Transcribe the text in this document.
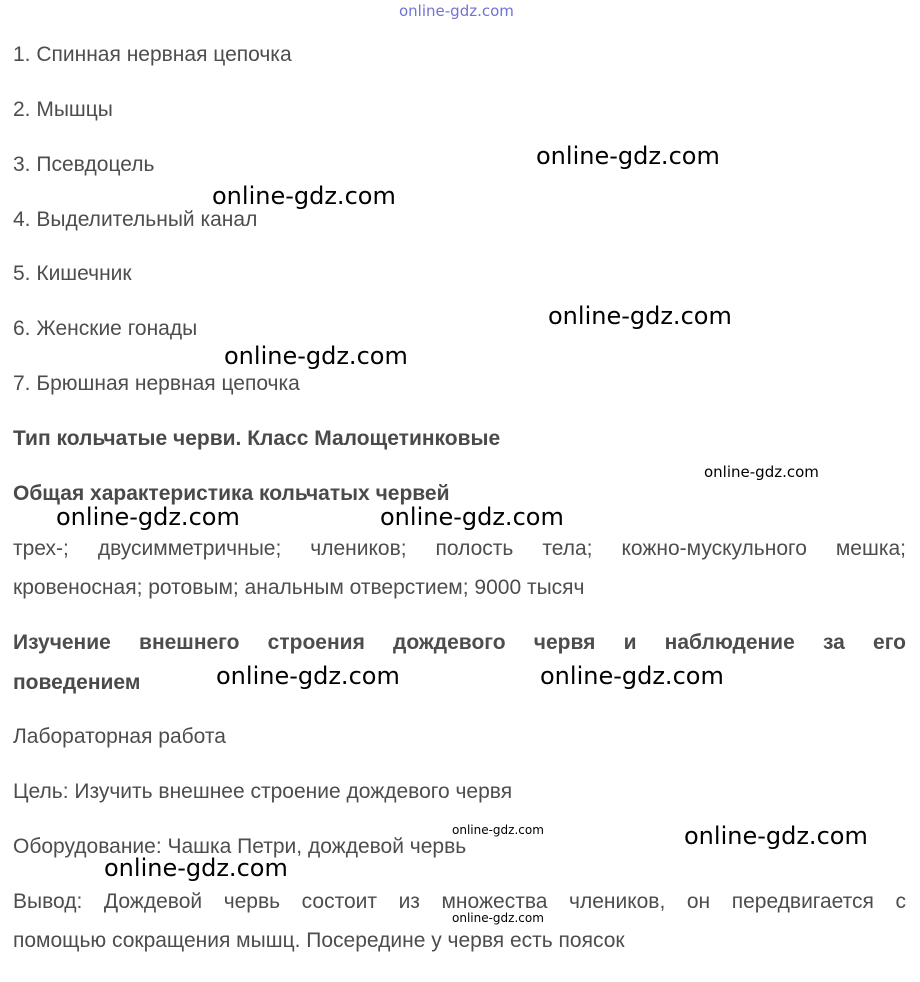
online-gdz.com
1. Спинная нервная цепочка
2. Мышцы
3. Псевдоцель
4. Выделительный канал
5. Кишечник
6. Женские гонады
7. Брюшная нервная цепочка
Тип кольчатые черви. Класс Малощетинковые
Общая характеристика кольчатых червей
трех-; двусимметричные; члеников; полость тела; кожно-мускульного мешка;
кровеносная; ротовым; анальным отверстием; 9000 тысяч
Изучение внешнего строения дождевого червя и наблюдение за его
поведением
Лабораторная работа
Цель: Изучить внешнее строение дождевого червя
Оборудование: Чашка Петри, дождевой червь
Вывод: Дождевой червь состоит из множества члеников, он передвигается с
помощью сокращения мышц. Посередине у червя есть поясок
online-gdz.com
online-gdz.com
online-gdz.com
online-gdz.com
online-gdz.com
online-gdz.com	online-gdz.com
online-gdz.com	online-gdz.com
online-gdz.com	online-gdz.com
online-gdz.com
online-gdz.com
